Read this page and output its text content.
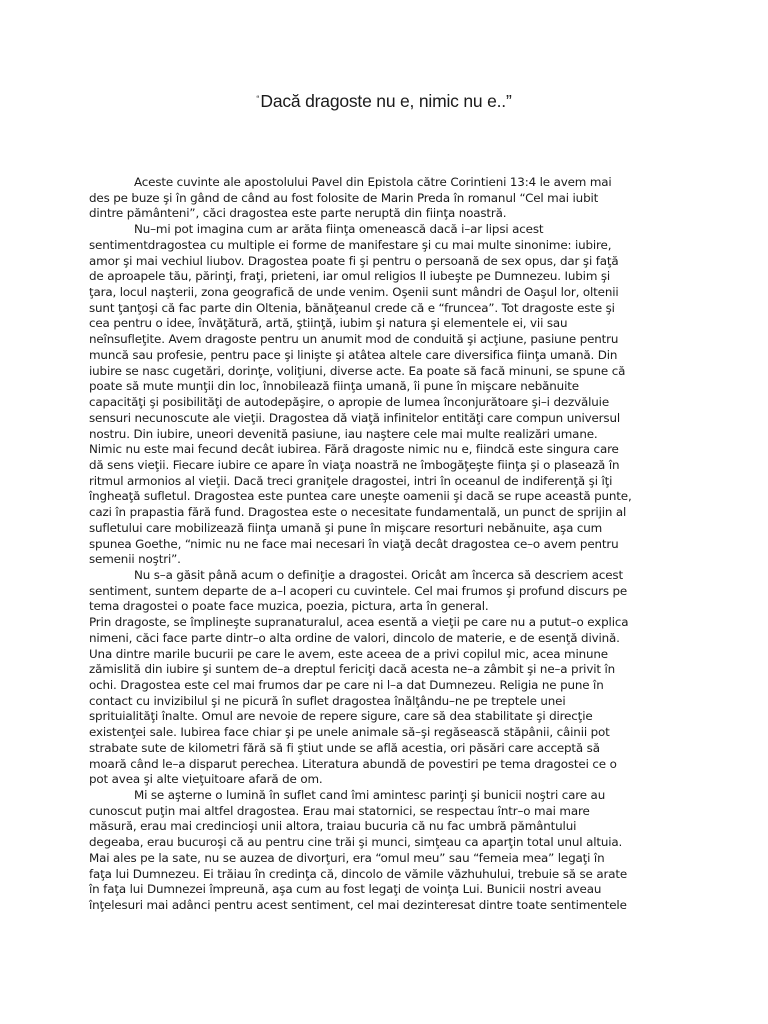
“Dacă dragoste nu e, nimic nu e..”
Aceste cuvinte ale apostolului Pavel din Epistola către Corintieni 13:4 le avem mai
des pe buze şi în gând de când au fost folosite de Marin Preda în romanul “Cel mai iubit
dintre pământeni”, căci dragostea este parte neruptă din fiinţa noastră.
Nu–mi pot imagina cum ar arăta fiinţa omenească dacă i–ar lipsi acest
sentimentdragostea cu multiple ei forme de manifestare şi cu mai multe sinonime: iubire,
amor şi mai vechiul liubov. Dragostea poate fi şi pentru o persoană de sex opus, dar şi faţă
de aproapele tău, părinţi, fraţi, prieteni, iar omul religios Il iubeşte pe Dumnezeu. Iubim şi
ţara, locul naşterii, zona geografică de unde venim. Oşenii sunt mândri de Oaşul lor, oltenii
sunt ţanţoşi că fac parte din Oltenia, bănăţeanul crede că e “fruncea”. Tot dragoste este şi
cea pentru o idee, învăţătură, artă, ştiinţă, iubim şi natura şi elementele ei, vii sau
neînsufleţite. Avem dragoste pentru un anumit mod de conduită şi acţiune, pasiune pentru
muncă sau profesie, pentru pace şi linişte şi atâtea altele care diversifica fiinţa umană. Din
iubire se nasc cugetări, dorinţe, voliţiuni, diverse acte. Ea poate să facă minuni, se spune că
poate să mute munţii din loc, înnobilează fiinţa umană, îi pune în mişcare nebănuite
capacităţi şi posibilităţi de autodepăşire, o apropie de lumea înconjurătoare şi–i dezvăluie
sensuri necunoscute ale vieţii. Dragostea dă viaţă infinitelor entităţi care compun universul
nostru. Din iubire, uneori devenită pasiune, iau naştere cele mai multe realizări umane.
Nimic nu este mai fecund decât iubirea. Fără dragoste nimic nu e, fiindcă este singura care
dă sens vieţii. Fiecare iubire ce apare în viaţa noastră ne îmbogăţeşte fiinţa şi o plasează în
ritmul armonios al vieţii. Dacă treci graniţele dragostei, intri în oceanul de indiferenţă şi îţi
îngheaţă sufletul. Dragostea este puntea care uneşte oamenii şi dacă se rupe această punte,
cazi în prapastia fără fund. Dragostea este o necesitate fundamentală, un punct de sprijin al
sufletului care mobilizează fiinţa umană şi pune în mişcare resorturi nebănuite, aşa cum
spunea Goethe, “nimic nu ne face mai necesari în viaţă decât dragostea ce–o avem pentru
semenii noştri”.
Nu s–a găsit până acum o definiţie a dragostei. Oricât am încerca să descriem acest
sentiment, suntem departe de a–l acoperi cu cuvintele. Cel mai frumos şi profund discurs pe
tema dragostei o poate face muzica, poezia, pictura, arta în general.
Prin dragoste, se împlineşte supranaturalul, acea esentă a vieţii pe care nu a putut–o explica
nimeni, căci face parte dintr–o alta ordine de valori, dincolo de materie, e de esenţă divină.
Una dintre marile bucurii pe care le avem, este aceea de a privi copilul mic, acea minune
zămislită din iubire şi suntem de–a dreptul fericiţi dacă acesta ne–a zâmbit şi ne–a privit în
ochi. Dragostea este cel mai frumos dar pe care ni l–a dat Dumnezeu. Religia ne pune în
contact cu invizibilul şi ne picură în suflet dragostea înălţându–ne pe treptele unei
sprituialităţi înalte. Omul are nevoie de repere sigure, care să dea stabilitate şi direcţie
existenţei sale. Iubirea face chiar şi pe unele animale să–şi regăsească stăpânii, câinii pot
strabate sute de kilometri fără să fi ştiut unde se află acestia, ori păsări care acceptă să
moară când le–a disparut perechea. Literatura abundă de povestiri pe tema dragostei ce o
pot avea şi alte vieţuitoare afară de om.
Mi se aşterne o lumină în suflet cand îmi amintesc parinţi şi bunicii noştri care au
cunoscut puţin mai altfel dragostea. Erau mai statornici, se respectau într–o mai mare
măsură, erau mai credincioşi unii altora, traiau bucuria că nu fac umbră pământului
degeaba, erau bucuroşi că au pentru cine trăi şi munci, simţeau ca aparţin total unul altuia.
Mai ales pe la sate, nu se auzea de divorţuri, era “omul meu” sau “femeia mea” legaţi în
faţa lui Dumnezeu. Ei trăiau în credinţa că, dincolo de vămile văzhuhului, trebuie să se arate
în faţa lui Dumnezei împreună, aşa cum au fost legaţi de voinţa Lui. Bunicii nostri aveau
înţelesuri mai adânci pentru acest sentiment, cel mai dezinteresat dintre toate sentimentele
